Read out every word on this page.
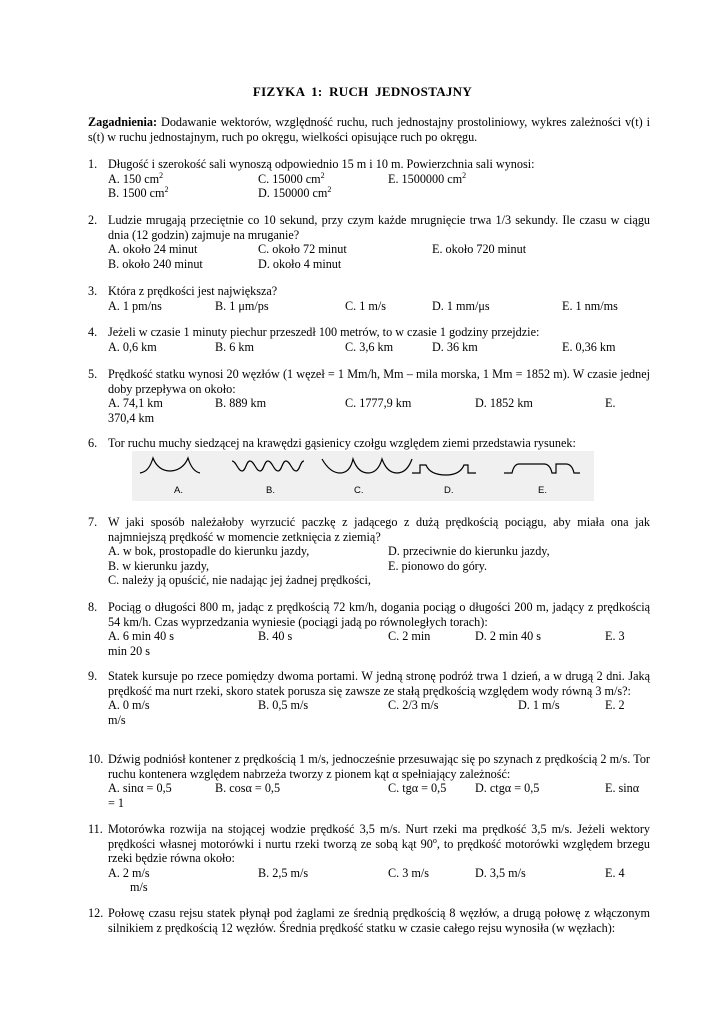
FIZYKA 1: RUCH JEDNOSTAJNY
Zagadnienia: Dodawanie wektorów, względność ruchu, ruch jednostajny prostoliniowy, wykres zależności v(t) i s(t) w ruchu jednostajnym, ruch po okręgu, wielkości opisujące ruch po okręgu.
1. Długość i szerokość sali wynoszą odpowiednio 15 m i 10 m. Powierzchnia sali wynosi:
A. 150 $cm^2$	C. 15000 $cm^2$	E. 1500000 $cm^2$
B. 1500 $cm^2$	D. 150000 $cm^2$
2. Ludzie mrugają przeciętnie co 10 sekund, przy czym każde mrugnięcie trwa 1/3 sekundy. Ile czasu w ciągu dnia (12 godzin) zajmuje na mruganie?
A. około 24 minut	C. około 72 minut	E. około 720 minut
B. około 240 minut	D. około 4 minut
3. Która z prędkości jest największa?
A. 1 pm/ns	B. 1 μm/ps	C. 1 m/s	D. 1 mm/μs	E. 1 nm/ms
4. Jeżeli w czasie 1 minuty piechur przeszedł 100 metrów, to w czasie 1 godziny przejdzie:
A. 0,6 km	B. 6 km	C. 3,6 km	D. 36 km	E. 0,36 km
5. Prędkość statku wynosi 20 węzłów (1 węzeł = 1 Mm/h, Mm – mila morska, 1 Mm = 1852 m). W czasie jednej doby przepływa on około:
A. 74,1 km	B. 889 km	C. 1777,9 km	D. 1852 km	E.
370,4 km
6. Tor ruchu muchy siedzącej na krawędzi gąsienicy czołgu względem ziemi przedstawia rysunek:
A.	B.	C.	D.	E.
7. W jaki sposób należałoby wyrzucić paczkę z jadącego z dużą prędkością pociągu, aby miała ona jak najmniejszą prędkość w momencie zetknięcia z ziemią?
A. w bok, prostopadle do kierunku jazdy,	D. przeciwnie do kierunku jazdy,
B. w kierunku jazdy,	E. pionowo do góry.
C. należy ją opuścić, nie nadając jej żadnej prędkości,
8. Pociąg o długości 800 m, jadąc z prędkością 72 km/h, dogania pociąg o długości 200 m, jadący z prędkością 54 km/h. Czas wyprzedzania wyniesie (pociągi jadą po równoległych torach):
A. 6 min 40 s	B. 40 s	C. 2 min	D. 2 min 40 s	E. 3
min 20 s
9. Statek kursuje po rzece pomiędzy dwoma portami. W jedną stronę podróż trwa 1 dzień, a w drugą 2 dni. Jaką prędkość ma nurt rzeki, skoro statek porusza się zawsze ze stałą prędkością względem wody równą 3 m/s?:
A. 0 m/s	B. 0,5 m/s	C. 2/3 m/s	D. 1 m/s	E. 2
m/s
10. Dźwig podniósł kontener z prędkością 1 m/s, jednocześnie przesuwając się po szynach z prędkością 2 m/s. Tor ruchu kontenera względem nabrzeża tworzy z pionem kąt α spełniający zależność:
A. sinα = 0,5	B. cosα = 0,5	C. tgα = 0,5 D. ctgα = 0,5	E. sinα
= 1
11. Motorówka rozwija na stojącej wodzie prędkość 3,5 m/s. Nurt rzeki ma prędkość 3,5 m/s. Jeżeli wektory prędkości własnej motorówki i nurtu rzeki tworzą ze sobą kąt 90$^o$, to prędkość motorówki względem brzegu rzeki będzie równa około:
A. 2 m/s	B. 2,5 m/s	C. 3 m/s	D. 3,5 m/s	E. 4
m/s
12. Połowę czasu rejsu statek płynął pod żaglami ze średnią prędkością 8 węzłów, a drugą połowę z włączonym silnikiem z prędkością 12 węzłów. Średnia prędkość statku w czasie całego rejsu wynosiła (w węzłach):
